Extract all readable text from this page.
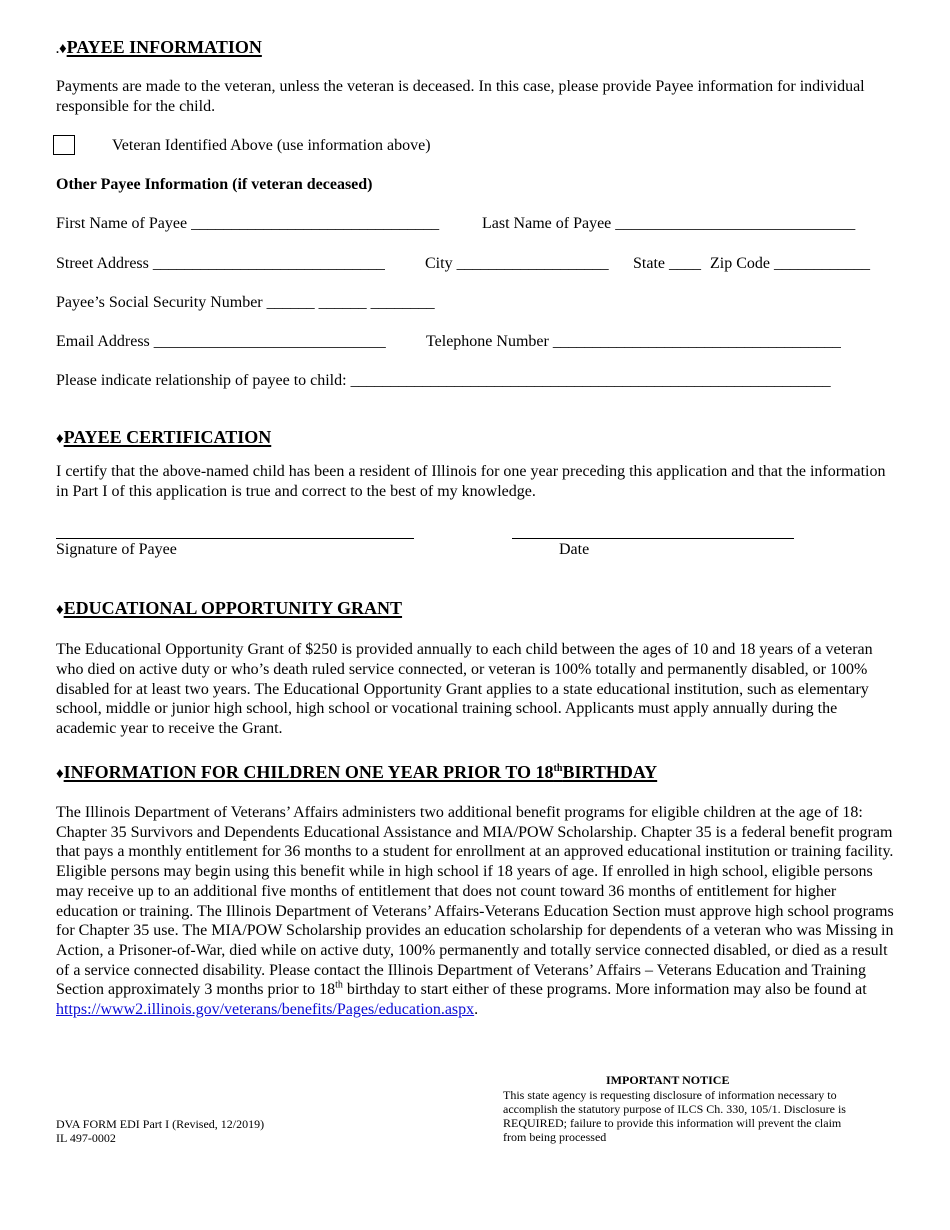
.♦PAYEE INFORMATION
Payments are made to the veteran, unless the veteran is deceased. In this case, please provide Payee information for individual responsible for the child.
Veteran Identified Above (use information above)
Other Payee Information (if veteran deceased)
First Name of Payee _______________________________	Last Name of Payee ______________________________
Street Address _____________________________	City ___________________ State ____ Zip Code ____________
Payee’s Social Security Number ______ ______ ________
Email Address _____________________________	Telephone Number ____________________________________
Please indicate relationship of payee to child: ____________________________________________________________
♦PAYEE CERTIFICATION
I certify that the above-named child has been a resident of Illinois for one year preceding this application and that the information in Part I of this application is true and correct to the best of my knowledge.
Signature of Payee	Date
♦EDUCATIONAL OPPORTUNITY GRANT
The Educational Opportunity Grant of $250 is provided annually to each child between the ages of 10 and 18 years of a veteran who died on active duty or who’s death ruled service connected, or veteran is 100% totally and permanently disabled, or 100% disabled for at least two years. The Educational Opportunity Grant applies to a state educational institution, such as elementary school, middle or junior high school, high school or vocational training school. Applicants must apply annually during the academic year to receive the Grant.
♦INFORMATION FOR CHILDREN ONE YEAR PRIOR TO 18thBIRTHDAY
The Illinois Department of Veterans’ Affairs administers two additional benefit programs for eligible children at the age of 18: Chapter 35 Survivors and Dependents Educational Assistance and MIA/POW Scholarship. Chapter 35 is a federal benefit program that pays a monthly entitlement for 36 months to a student for enrollment at an approved educational institution or training facility. Eligible persons may begin using this benefit while in high school if 18 years of age. If enrolled in high school, eligible persons may receive up to an additional five months of entitlement that does not count toward 36 months of entitlement for higher education or training. The Illinois Department of Veterans’ Affairs-Veterans Education Section must approve high school programs for Chapter 35 use. The MIA/POW Scholarship provides an education scholarship for dependents of a veteran who was Missing in Action, a Prisoner-of-War, died while on active duty, 100% permanently and totally service connected disabled, or died as a result of a service connected disability. Please contact the Illinois Department of Veterans’ Affairs – Veterans Education and Training Section approximately 3 months prior to 18th birthday to start either of these programs. More information may also be found at https://www2.illinois.gov/veterans/benefits/Pages/education.aspx.
DVA FORM EDI Part I (Revised, 12/2019)
IL 497-0002
IMPORTANT NOTICE
This state agency is requesting disclosure of information necessary to accomplish the statutory purpose of ILCS Ch. 330, 105/1. Disclosure is REQUIRED; failure to provide this information will prevent the claim from being processed
